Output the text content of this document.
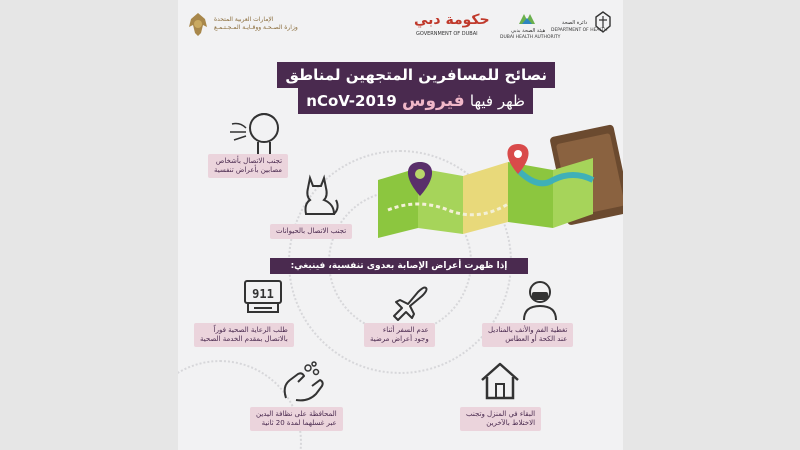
الإمارات العربية المتحدة
وزارة الصـحـة ووقـايـة المـجـتـمـع	حكومة دبي
GOVERNMENT OF DUBAI	هيئة الصحة بدبي
DUBAI HEALTH AUTHORITY
دائرة الصحة
DEPARTMENT OF HEALTH
نصائح للمسافرين المتجهين لمناطق
ظهر فيها فيروس nCoV-2019
تجنب الاتصال بأشخاص
مصابين بأعراض تنفسية
تجنب الاتصال بالحيوانات
إذا ظهرت أعراض الإصابة بعدوى تنفسية، فينبغي:
911
طلب الرعاية الصحية فوراً
بالاتصال بمقدم الخدمة الصحية
عدم السفر أثناء
وجود أعراض مرضية
تغطية الفم والأنف بالمناديل
عند الكحة أو العطاس
المحافظة على نظافة اليدين
عبر غسلهما لمدة 20 ثانية
البقاء في المنزل وتجنب
الاختلاط بالآخرين
